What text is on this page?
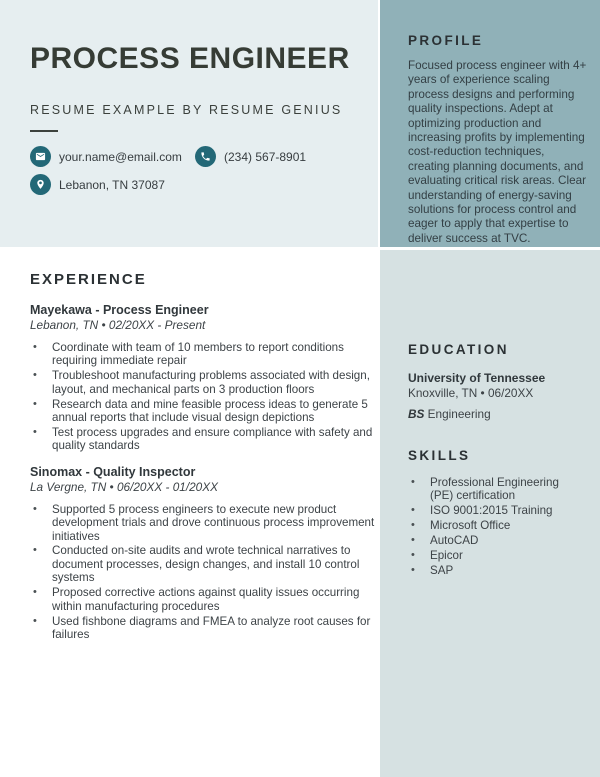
PROCESS ENGINEER
RESUME EXAMPLE BY RESUME GENIUS
your.name@email.com	(234) 567-8901
Lebanon, TN 37087
PROFILE

Focused process engineer with 4+ years of experience scaling process designs and performing quality inspections. Adept at optimizing production and increasing profits by implementing cost-reduction techniques, creating planning documents, and evaluating critical risk areas. Clear understanding of energy-saving solutions for process control and eager to apply that expertise to deliver success at TVC.

EDUCATION
University of Tennessee
Knoxville, TN • 06/20XX
BS Engineering
SKILLS
• Professional Engineering (PE) certification
• ISO 9001:2015 Training
• Microsoft Office
• AutoCAD
• Epicor
• SAP
EXPERIENCE
Mayekawa - Process Engineer
Lebanon, TN • 02/20XX - Present
• Coordinate with team of 10 members to report conditions requiring immediate repair
• Troubleshoot manufacturing problems associated with design, layout, and mechanical parts on 3 production floors
• Research data and mine feasible process ideas to generate 5 annual reports that include visual design depictions
• Test process upgrades and ensure compliance with safety and quality standards
Sinomax - Quality Inspector
La Vergne, TN • 06/20XX - 01/20XX
• Supported 5 process engineers to execute new product development trials and drove continuous process improvement initiatives
• Conducted on-site audits and wrote technical narratives to document processes, design changes, and install 10 control systems
• Proposed corrective actions against quality issues occurring within manufacturing procedures
• Used fishbone diagrams and FMEA to analyze root causes for failures
